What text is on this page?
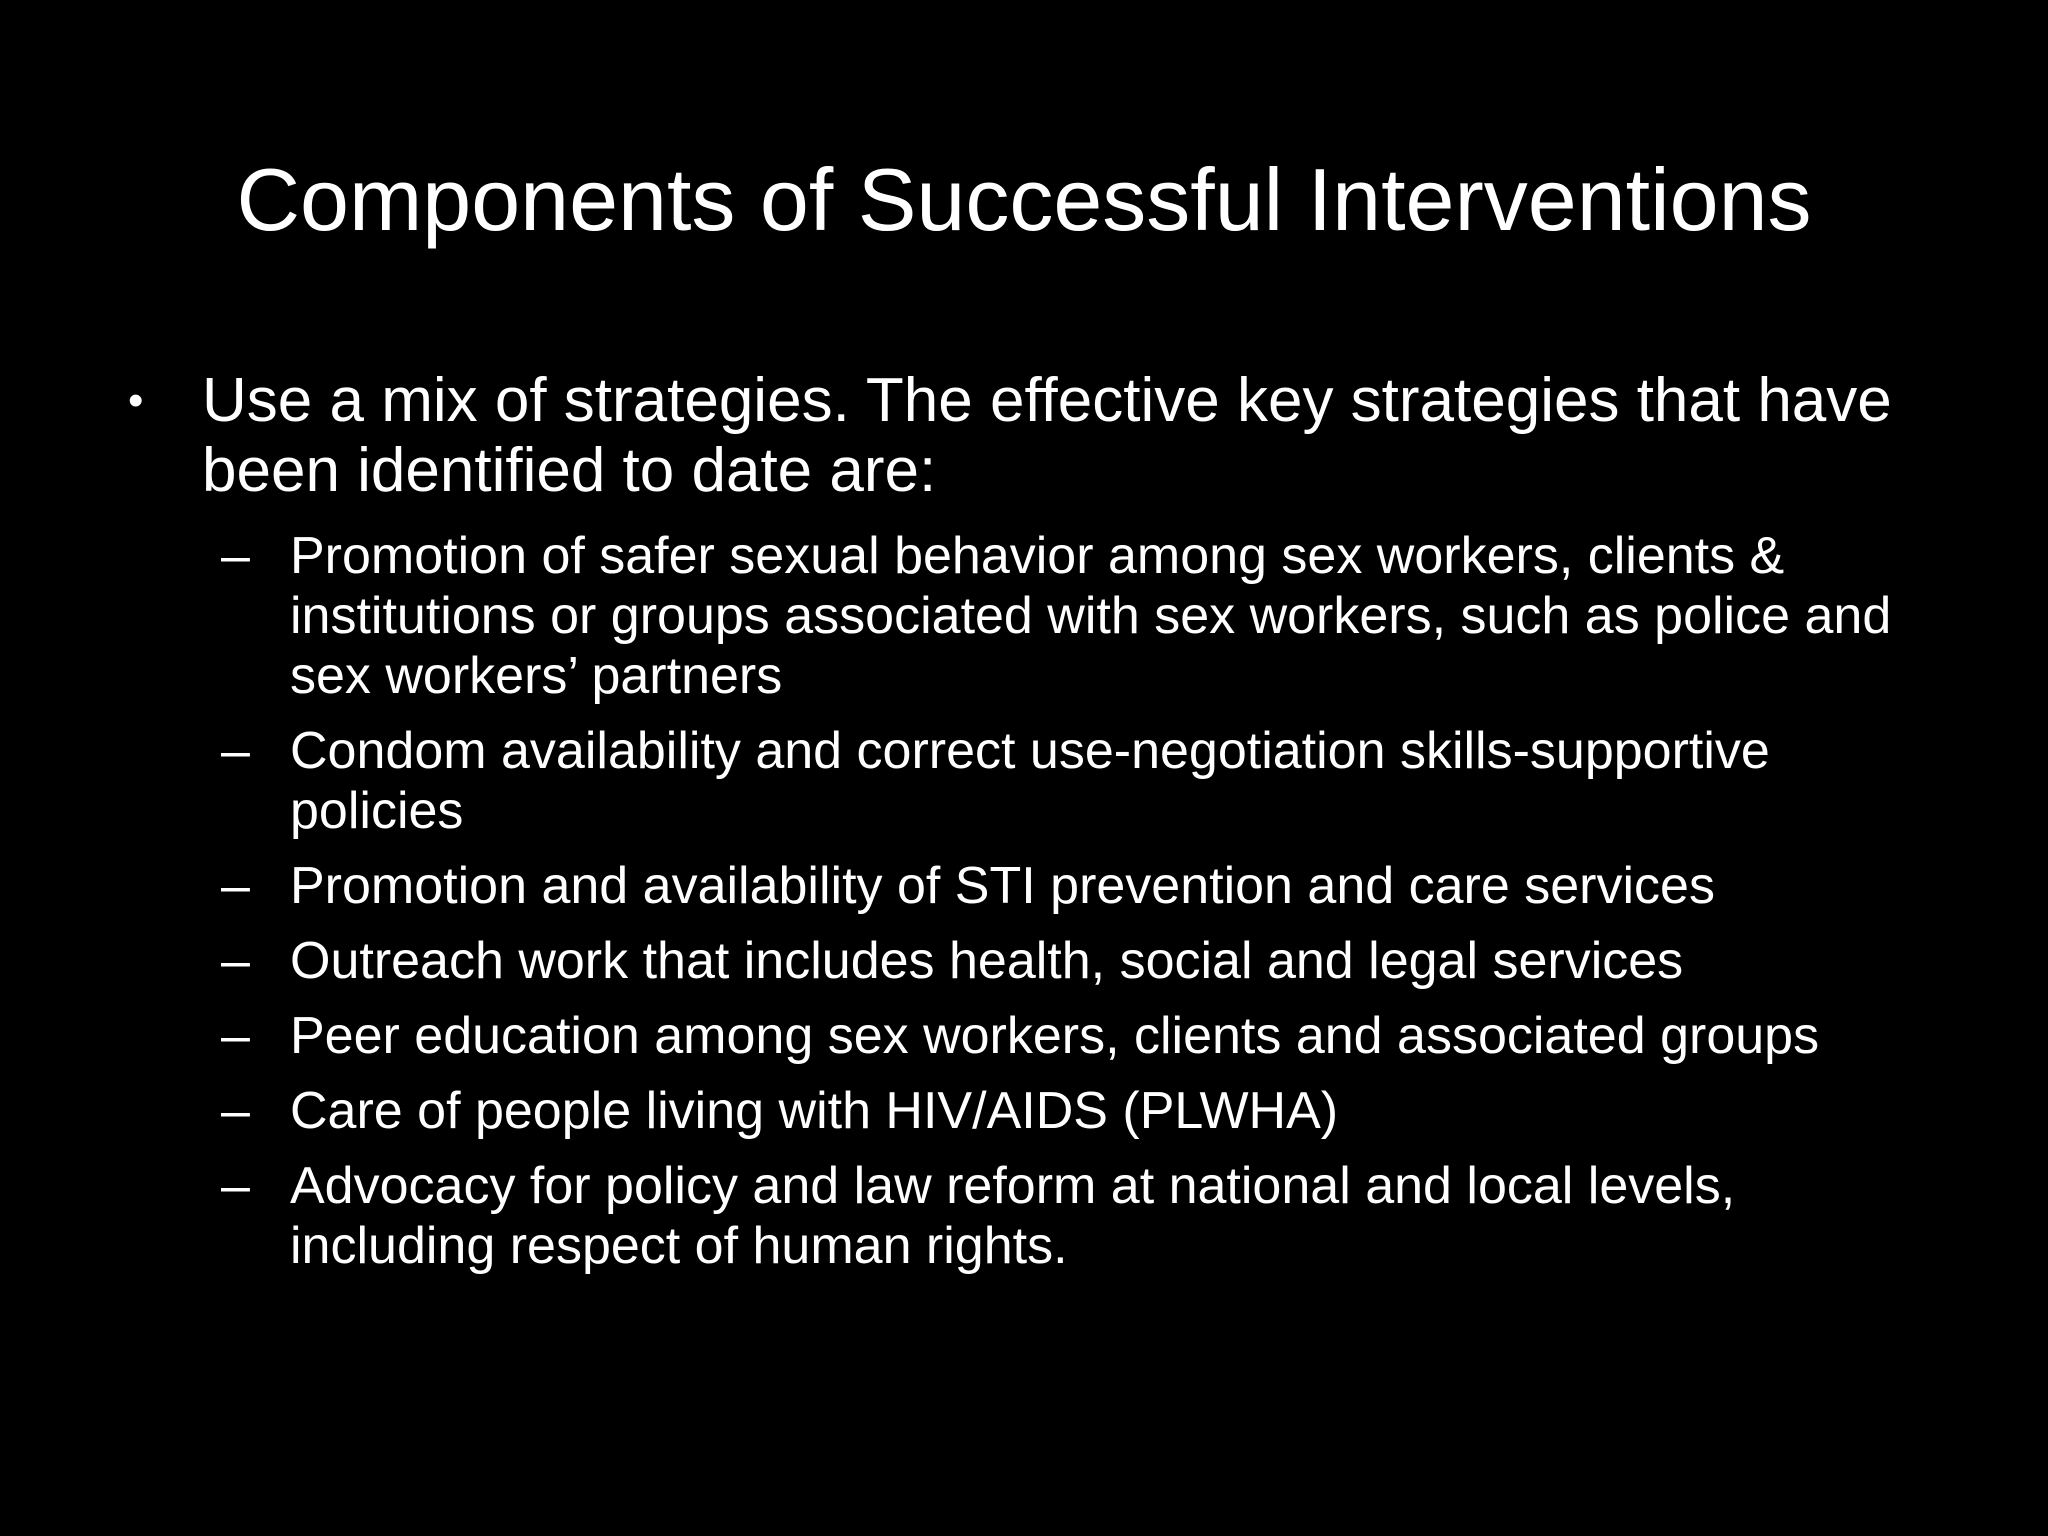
Components of Successful Interventions
• Use a mix of strategies. The effective key strategies that have been identified to date are:
– Promotion of safer sexual behavior among sex workers, clients & institutions or groups associated with sex workers, such as police and sex workers’ partners
– Condom availability and correct use-negotiation skills-supportive policies
– Promotion and availability of STI prevention and care services
– Outreach work that includes health, social and legal services
– Peer education among sex workers, clients and associated groups
– Care of people living with HIV/AIDS (PLWHA)
– Advocacy for policy and law reform at national and local levels, including respect of human rights.
